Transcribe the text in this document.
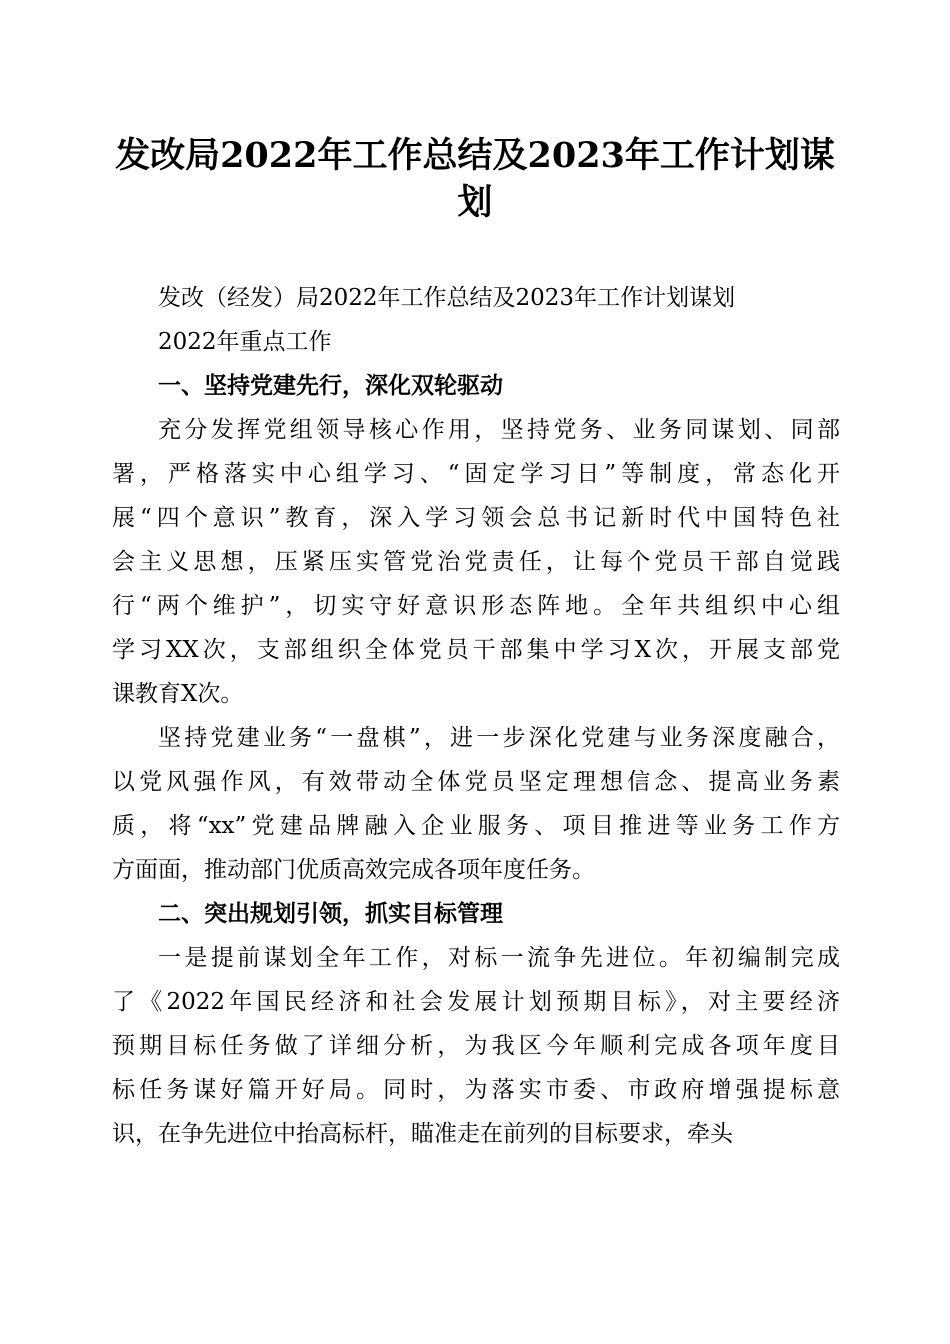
发改局2022年工作总结及2023年工作计划谋
划
发改（经发）局2022年工作总结及2023年工作计划谋划
2022年重点工作
一、坚持党建先行，深化双轮驱动
充分发挥党组领导核心作用，坚持党务、业务同谋划、同部
署，严格落实中心组学习、“固定学习日”等制度，常态化开
展“四个意识”教育，深入学习领会总书记新时代中国特色社
会主义思想，压紧压实管党治党责任，让每个党员干部自觉践
行“两个维护”，切实守好意识形态阵地。全年共组织中心组
学习XX次，支部组织全体党员干部集中学习X次，开展支部党
课教育X次。
坚持党建业务“一盘棋”，进一步深化党建与业务深度融合，
以党风强作风，有效带动全体党员坚定理想信念、提高业务素
质，将“xx”党建品牌融入企业服务、项目推进等业务工作方
方面面，推动部门优质高效完成各项年度任务。
二、突出规划引领，抓实目标管理
一是提前谋划全年工作，对标一流争先进位。年初编制完成
了《2022年国民经济和社会发展计划预期目标》，对主要经济
预期目标任务做了详细分析，为我区今年顺利完成各项年度目
标任务谋好篇开好局。同时，为落实市委、市政府增强提标意
识，在争先进位中抬高标杆，瞄准走在前列的目标要求，牵头
